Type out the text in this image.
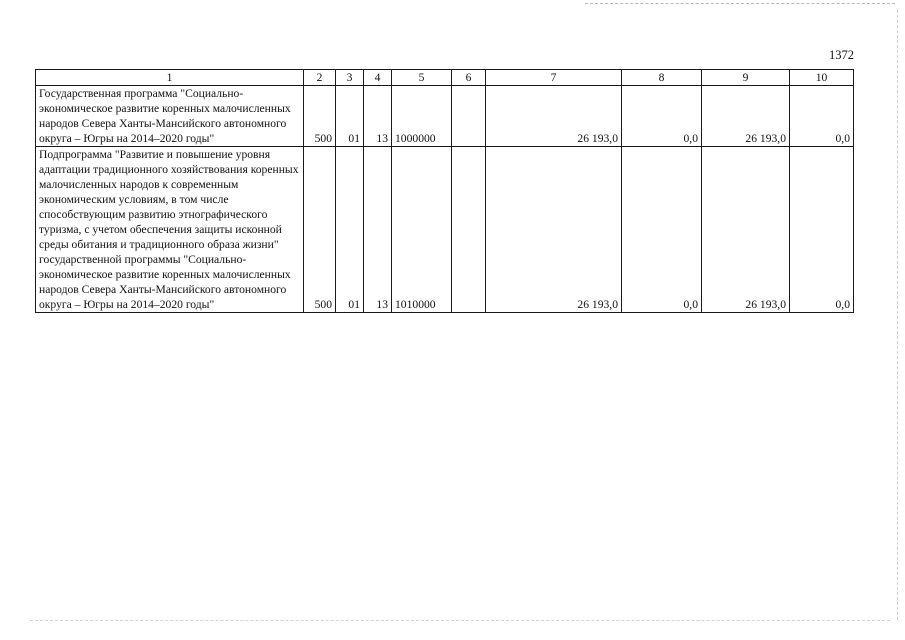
1372
1	2	3	4	5	6	7	8	9	10
Государственная программа "Социально-экономическое развитие коренных малочисленных народов Севера Ханты-Мансийского автономного округа – Югры на 2014–2020 годы"	500	01	13	1000000		26 193,0	0,0	26 193,0	0,0
Подпрограмма "Развитие и повышение уровня адаптации традиционного хозяйствования коренных малочисленных народов к современным экономическим условиям, в том числе способствующим развитию этнографического туризма, с учетом обеспечения защиты исконной среды обитания и традиционного образа жизни" государственной программы "Социально-экономическое развитие коренных малочисленных народов Севера Ханты-Мансийского автономного округа – Югры на 2014–2020 годы"	500	01	13	1010000		26 193,0	0,0	26 193,0	0,0
